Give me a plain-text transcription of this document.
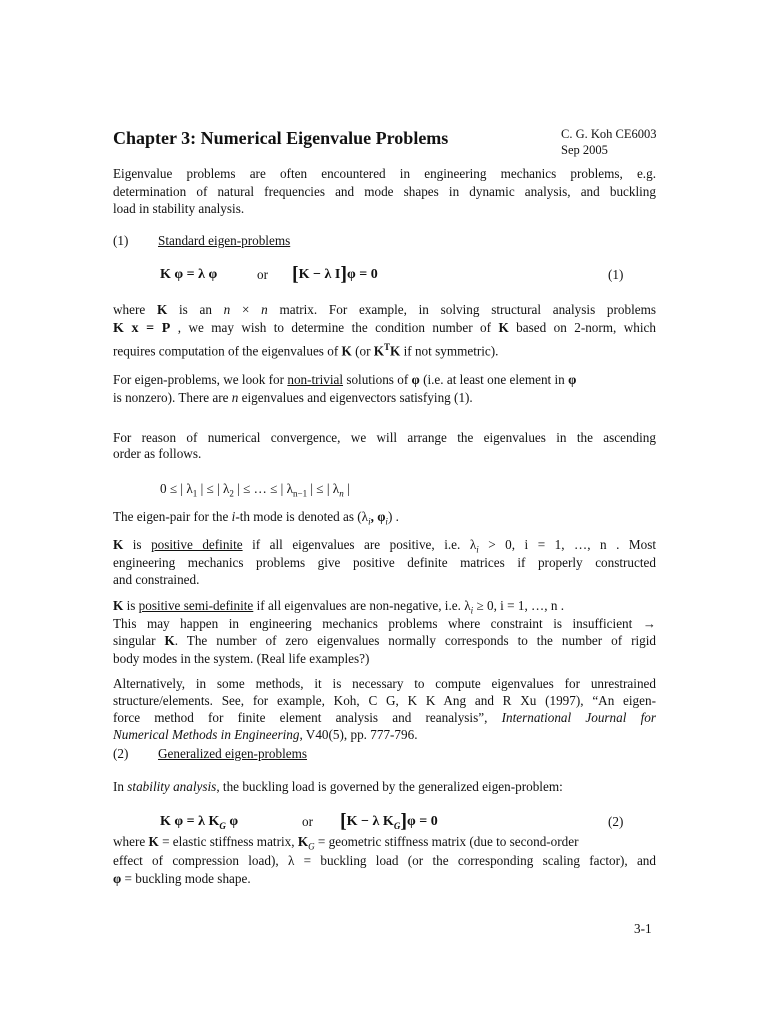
Chapter 3: Numerical Eigenvalue Problems	C. G. Koh CE6003
Sep 2005
Eigenvalue problems are often encountered in engineering mechanics problems, e.g.
determination of natural frequencies and mode shapes in dynamic analysis, and buckling
load in stability analysis.
(1) Standard eigen-problems
K φ = λ φ	or [K − λ I]φ = 0	(1)
where K is an n × n matrix. For example, in solving structural analysis problems
K x = P , we may wish to determine the condition number of K based on 2-norm, which
requires computation of the eigenvalues of K (or $K^TK$ if not symmetric).
For eigen-problems, we look for non-trivial solutions of φ (i.e. at least one element in φ
is nonzero). There are n eigenvalues and eigenvectors satisfying (1).
For reason of numerical convergence, we will arrange the eigenvalues in the ascending
order as follows.
0 ≤ | $\lambda_1$ | ≤ | $\lambda_2$ | ≤ … ≤ | $\lambda_{n-1}$ | ≤ | $\lambda_n$ |
The eigen-pair for the i-th mode is denoted as ($\lambda_i$, $\varphi_i$) .
K is positive definite if all eigenvalues are positive, i.e. $\lambda_i > 0$, i = 1, …, n . Most
engineering mechanics problems give positive definite matrices if properly constructed
and constrained.
K is positive semi-definite if all eigenvalues are non-negative, i.e. $\lambda_i \ge 0$, i = 1, …, n .
This may happen in engineering mechanics problems where constraint is insufficient →
singular K. The number of zero eigenvalues normally corresponds to the number of rigid
body modes in the system. (Real life examples?)
Alternatively, in some methods, it is necessary to compute eigenvalues for unrestrained
structure/elements. See, for example, Koh, C G, K K Ang and R Xu (1997), “An eigen-
force method for finite element analysis and reanalysis”, International Journal for
Numerical Methods in Engineering, V40(5), pp. 777-796.
(2) Generalized eigen-problems
In stability analysis, the buckling load is governed by the generalized eigen-problem:
K φ = λ $K_G$ φ	or [K − λ $K_G]\varphi = 0$	(2)
where K = elastic stiffness matrix, $K_G$ = geometric stiffness matrix (due to second-order
effect of compression load), λ = buckling load (or the corresponding scaling factor), and
φ = buckling mode shape.
3-1
